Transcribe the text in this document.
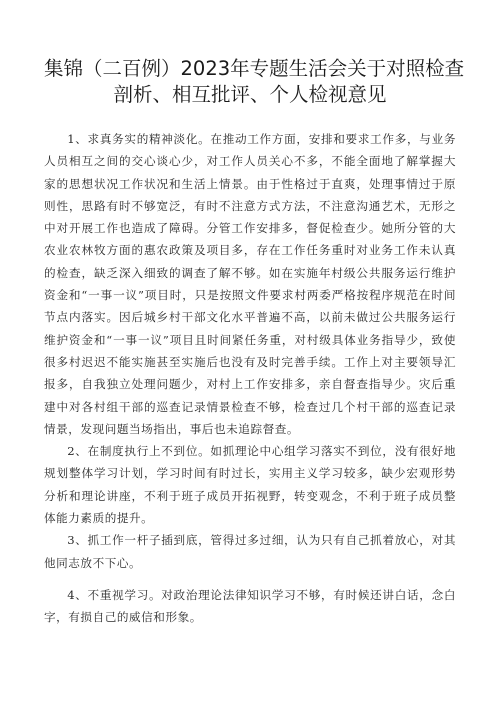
集锦（二百例）2023年专题生活会关于对照检查
剖析、相互批评、个人检视意见

1、求真务实的精神淡化。在推动工作方面，安排和要求工作多，与业务人员相互之间的交心谈心少，对工作人员关心不多，不能全面地了解掌握大家的思想状况工作状况和生活上情景。由于性格过于直爽，处理事情过于原则性，思路有时不够宽泛，有时不注意方式方法，不注意沟通艺术，无形之中对开展工作也造成了障碍。分管工作安排多，督促检查少。她所分管的大农业农林牧方面的惠农政策及项目多，存在工作任务重时对业务工作未认真的检查，缺乏深入细致的调查了解不够。如在实施年村级公共服务运行维护资金和“一事一议”项目时，只是按照文件要求村两委严格按程序规范在时间节点内落实。因后城乡村干部文化水平普遍不高，以前未做过公共服务运行维护资金和“一事一议”项目且时间紧任务重，对村级具体业务指导少，致使很多村迟迟不能实施甚至实施后也没有及时完善手续。工作上对主要领导汇报多，自我独立处理问题少，对村上工作安排多，亲自督查指导少。灾后重建中对各村组干部的巡查记录情景检查不够，检查过几个村干部的巡查记录情景，发现问题当场指出，事后也未追踪督查。

2、在制度执行上不到位。如抓理论中心组学习落实不到位，没有很好地规划整体学习计划，学习时间有时过长，实用主义学习较多，缺少宏观形势分析和理论讲座，不利于班子成员开拓视野，转变观念，不利于班子成员整体能力素质的提升。

3、抓工作一杆子插到底，管得过多过细，认为只有自己抓着放心，对其他同志放不下心。

4、不重视学习。对政治理论法律知识学习不够，有时候还讲白话，念白字，有损自己的威信和形象。
